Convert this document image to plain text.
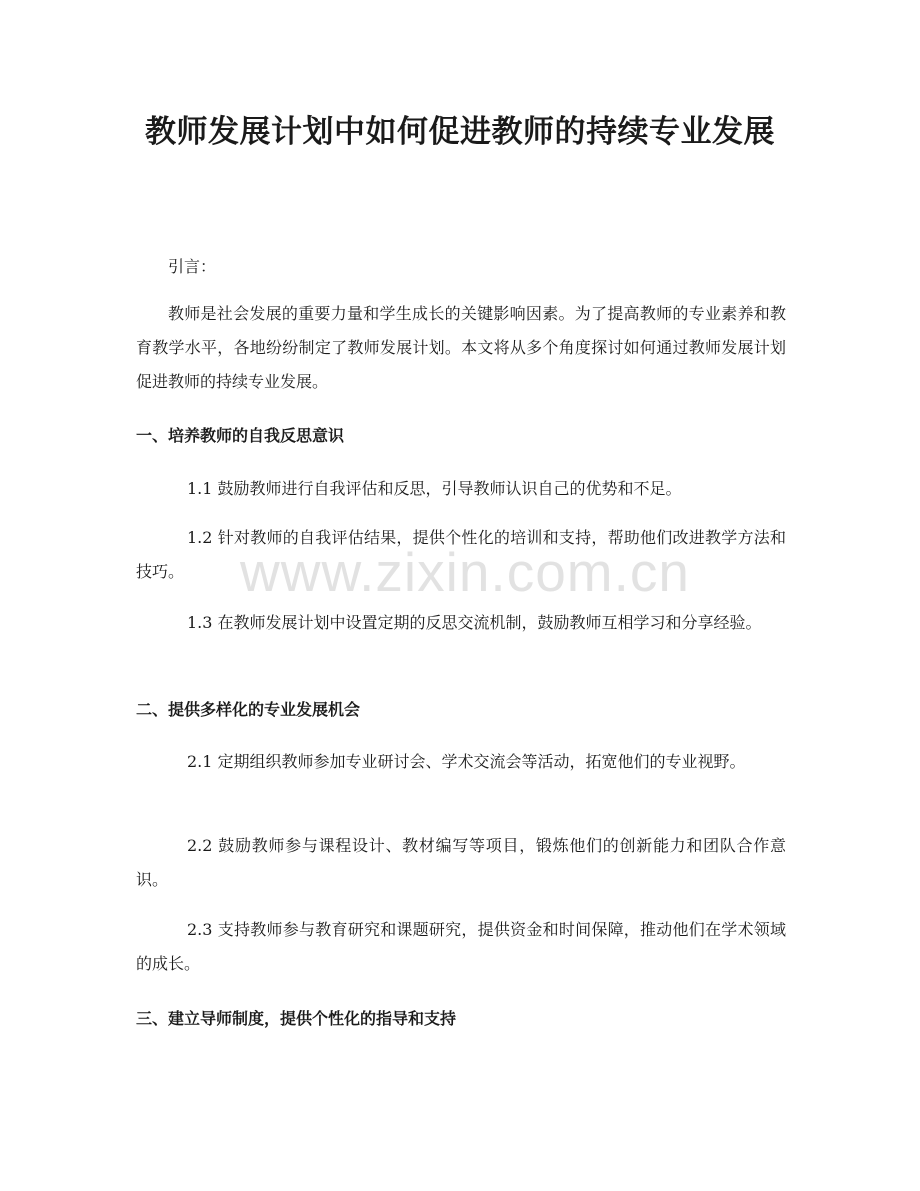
教师发展计划中如何促进教师的持续专业发展

引言：

教师是社会发展的重要力量和学生成长的关键影响因素。为了提高教师的专业素养和教育教学水平，各地纷纷制定了教师发展计划。本文将从多个角度探讨如何通过教师发展计划促进教师的持续专业发展。

一、培养教师的自我反思意识

1.1 鼓励教师进行自我评估和反思，引导教师认识自己的优势和不足。

1.2 针对教师的自我评估结果，提供个性化的培训和支持，帮助他们改进教学方法和技巧。

1.3 在教师发展计划中设置定期的反思交流机制，鼓励教师互相学习和分享经验。

二、提供多样化的专业发展机会

2.1 定期组织教师参加专业研讨会、学术交流会等活动，拓宽他们的专业视野。

2.2 鼓励教师参与课程设计、教材编写等项目，锻炼他们的创新能力和团队合作意识。

2.3 支持教师参与教育研究和课题研究，提供资金和时间保障，推动他们在学术领域的成长。

三、建立导师制度，提供个性化的指导和支持
www.zixin.com.cn
